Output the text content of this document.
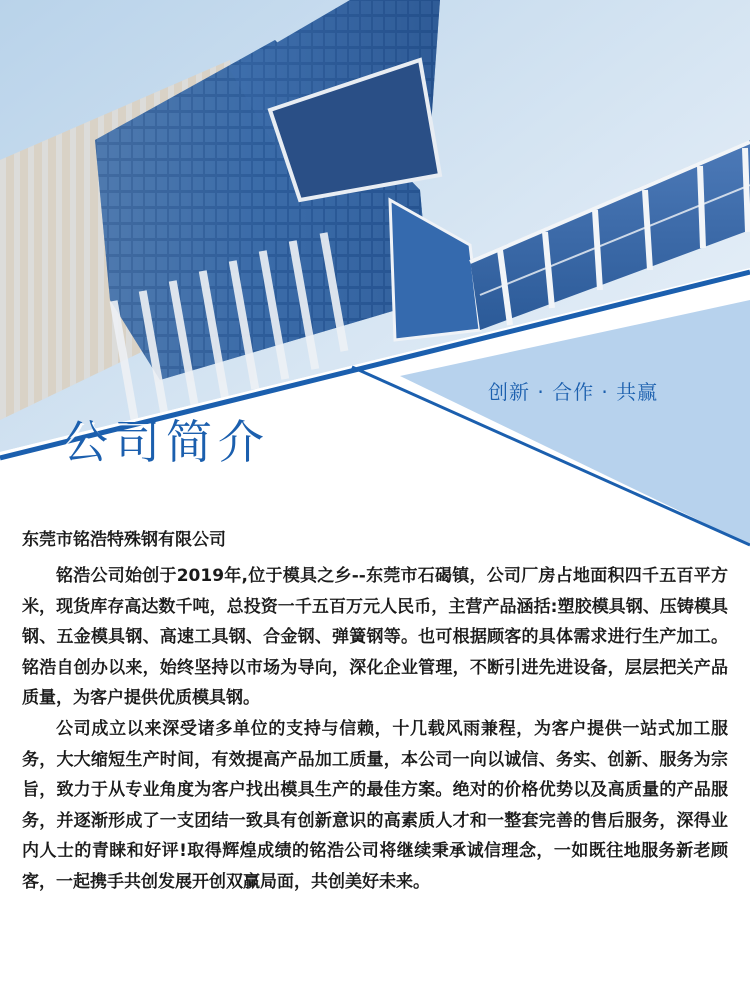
创新 · 合作 · 共赢
公司简介
东莞市铭浩特殊钢有限公司

铭浩公司始创于2019年,位于模具之乡--东莞市石碣镇，公司厂房占地面积四千五百平方米，现货库存高达数千吨，总投资一千五百万元人民币，主营产品涵括:塑胶模具钢、压铸模具钢、五金模具钢、高速工具钢、合金钢、弹簧钢等。也可根据顾客的具体需求进行生产加工。铭浩自创办以来，始终坚持以市场为导向，深化企业管理，不断引进先进设备，层层把关产品质量，为客户提供优质模具钢。

公司成立以来深受诸多单位的支持与信赖，十几载风雨兼程，为客户提供一站式加工服务，大大缩短生产时间，有效提高产品加工质量，本公司一向以诚信、务实、创新、服务为宗旨，致力于从专业角度为客户找出模具生产的最佳方案。绝对的价格优势以及高质量的产品服务，并逐渐形成了一支团结一致具有创新意识的高素质人才和一整套完善的售后服务，深得业内人士的青睐和好评!取得辉煌成绩的铭浩公司将继续秉承诚信理念，一如既往地服务新老顾客，一起携手共创发展开创双赢局面，共创美好未来。
